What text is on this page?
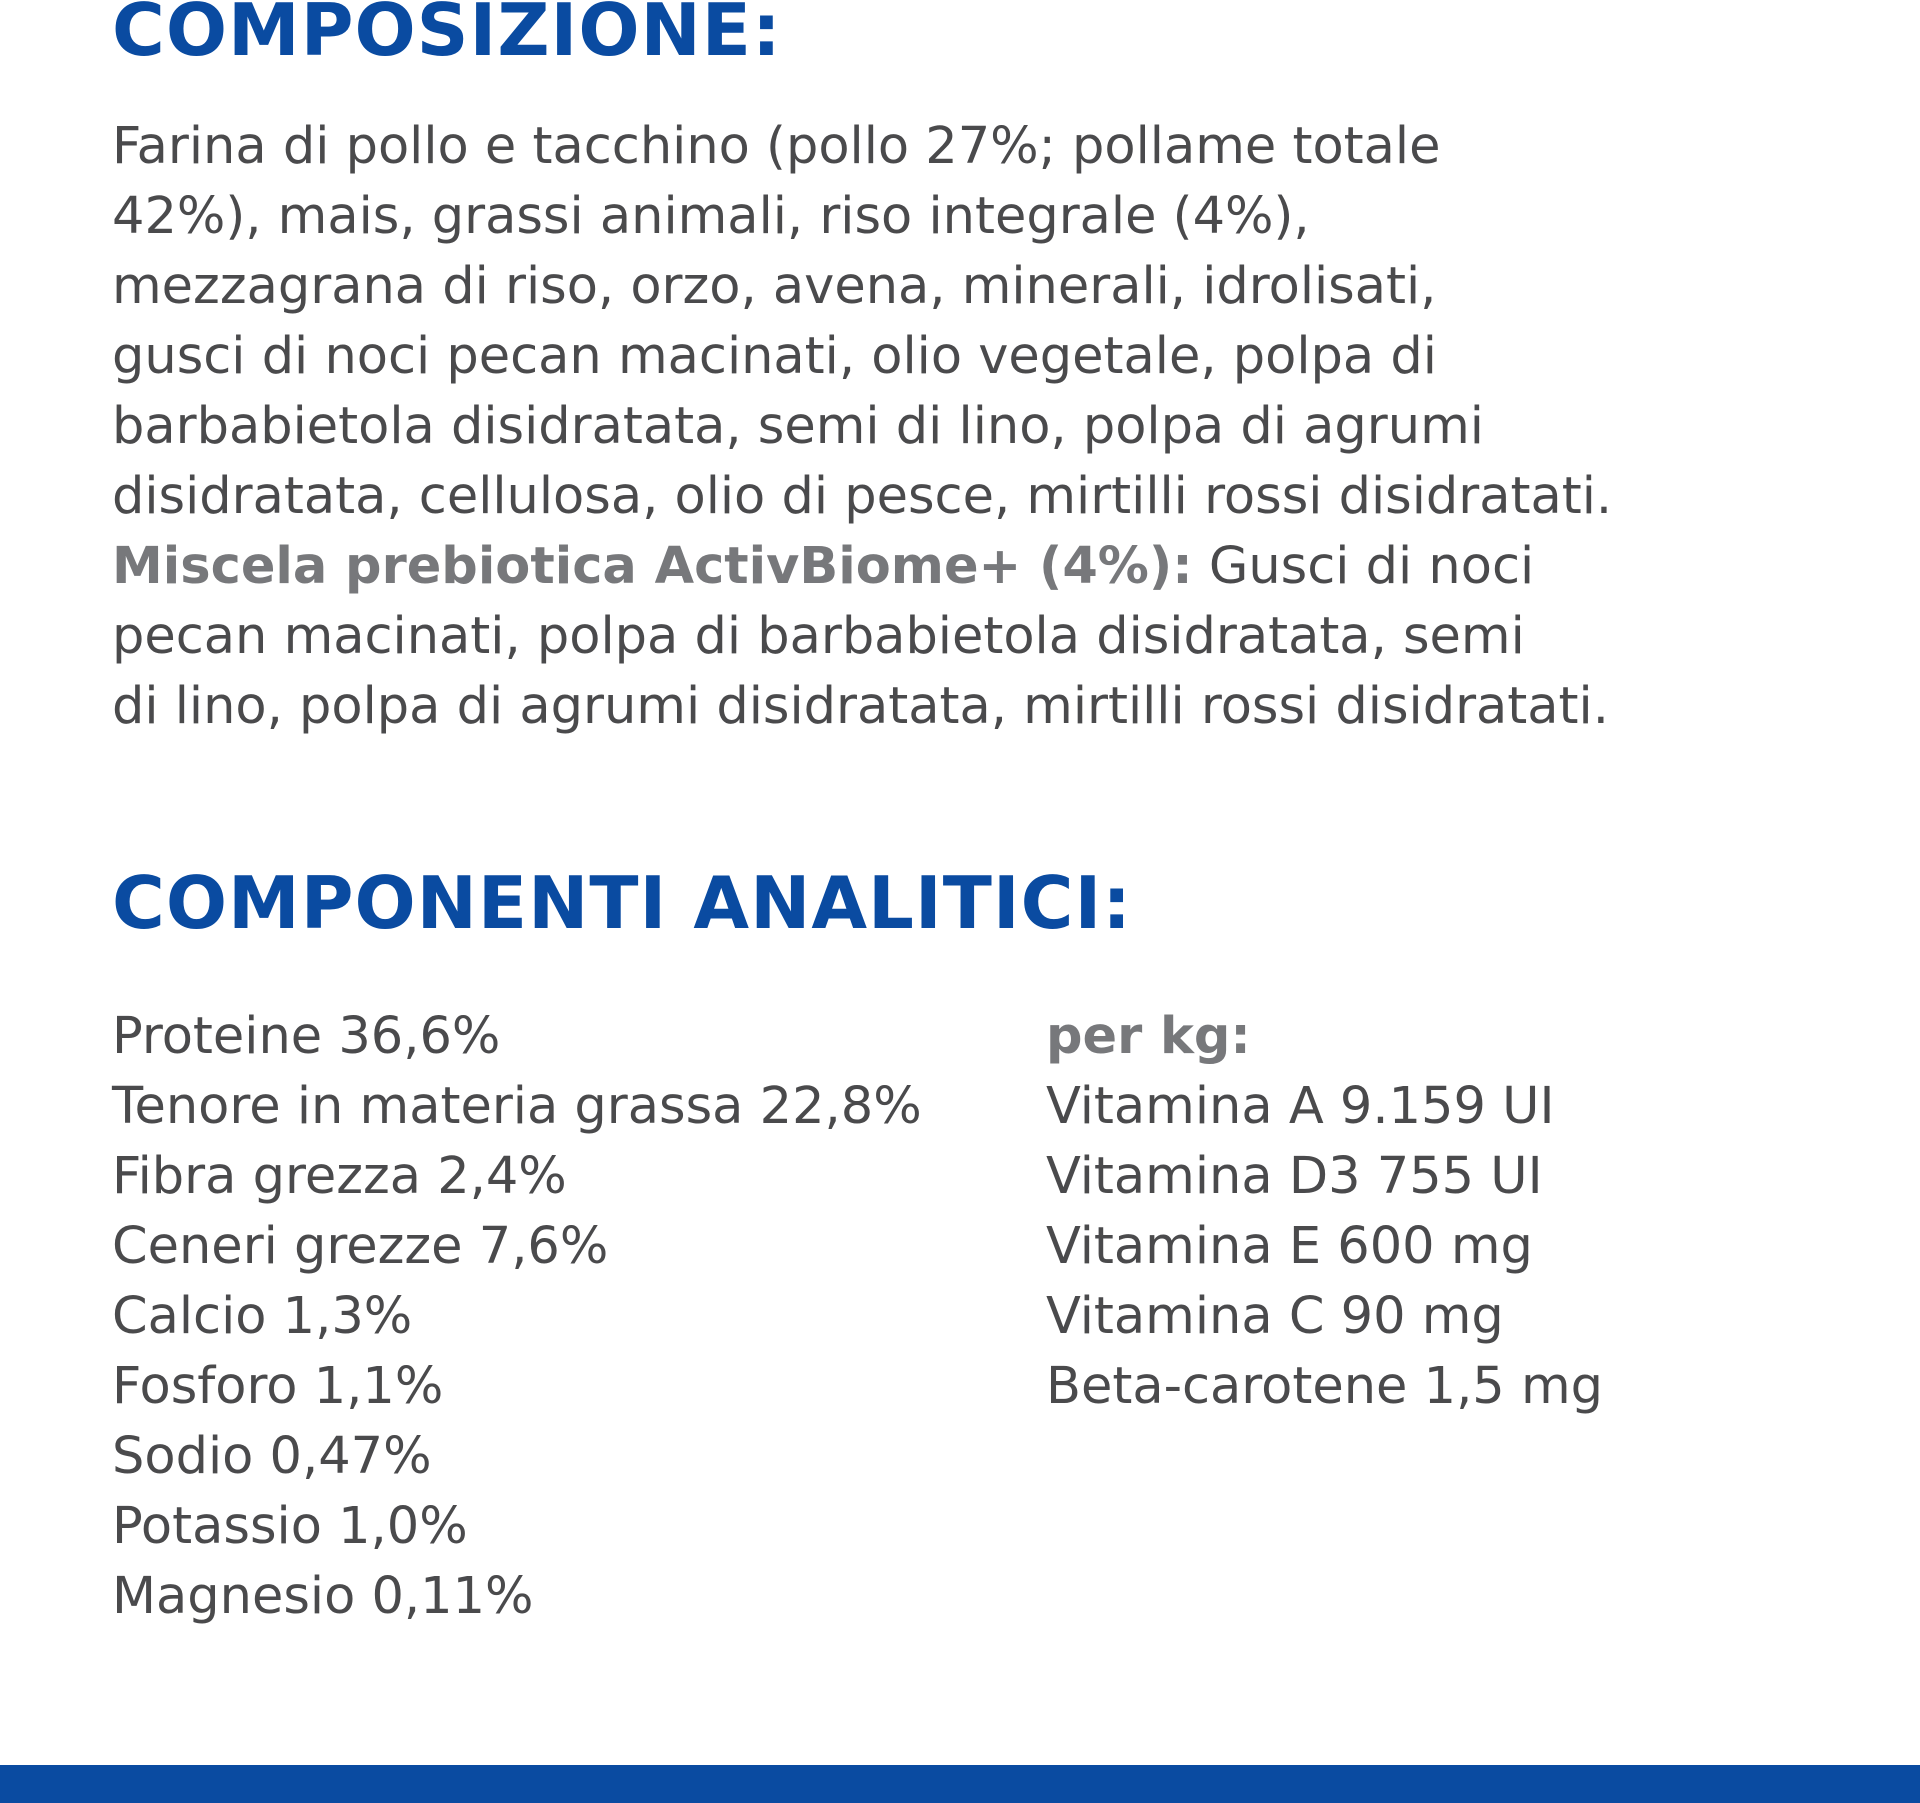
COMPOSIZIONE:

Farina di pollo e tacchino (pollo 27%; pollame totale
42%), mais, grassi animali, riso integrale (4%),
mezzagrana di riso, orzo, avena, minerali, idrolisati,
gusci di noci pecan macinati, olio vegetale, polpa di
barbabietola disidratata, semi di lino, polpa di agrumi
disidratata, cellulosa, olio di pesce, mirtilli rossi disidratati.
Miscela prebiotica ActivBiome+ (4%): Gusci di noci
pecan macinati, polpa di barbabietola disidratata, semi
di lino, polpa di agrumi disidratata, mirtilli rossi disidratati.

COMPONENTI ANALITICI:
Proteine 36,6%
Tenore in materia grassa 22,8%
Fibra grezza 2,4%
Ceneri grezze 7,6%
Calcio 1,3%
Fosforo 1,1%
Sodio 0,47%
Potassio 1,0%
Magnesio 0,11%
per kg:
Vitamina A 9.159 UI
Vitamina D3 755 UI
Vitamina E 600 mg
Vitamina C 90 mg
Beta-carotene 1,5 mg
